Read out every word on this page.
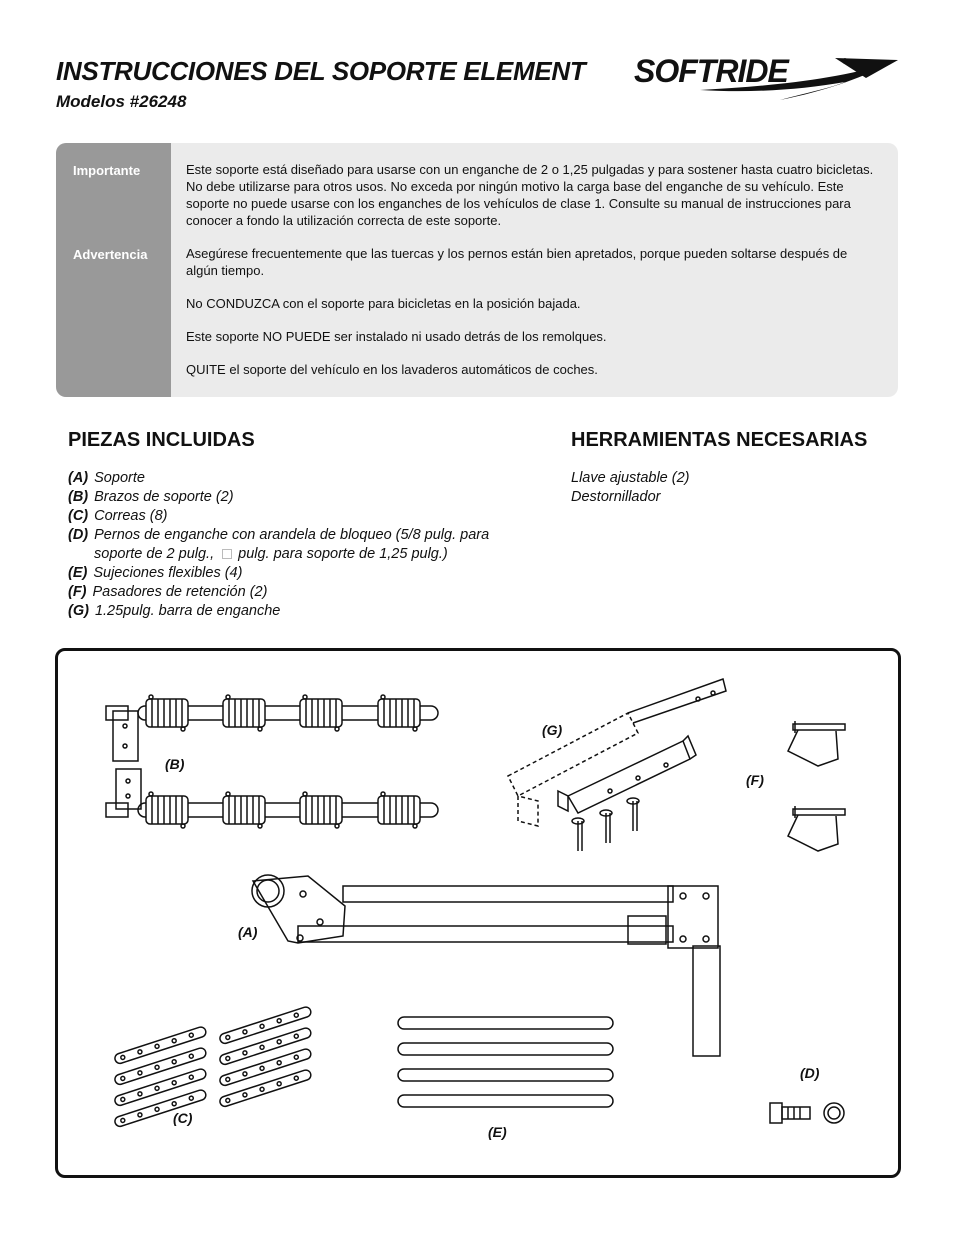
INSTRUCCIONES DEL SOPORTE ELEMENT
Modelos #26248
SOFTRIDE	®
Importante
Advertencia

Este soporte está diseñado para usarse con un enganche de 2 o 1,25 pulgadas y para sostener hasta cuatro bicicletas. No debe utilizarse para otros usos. No exceda por ningún motivo la carga base del enganche de su vehículo. Este soporte no puede usarse con los enganches de los vehículos de clase 1. Consulte su manual de instrucciones para conocer a fondo la utilización correcta de este soporte.

Asegúrese frecuentemente que las tuercas y los pernos están bien apretados, porque pueden soltarse después de algún tiempo.

No CONDUZCA con el soporte para bicicletas en la posición bajada.

Este soporte NO PUEDE ser instalado ni usado detrás de los remolques.

QUITE el soporte del vehículo en los lavaderos automáticos de coches.

PIEZAS INCLUIDAS	HERRAMIENTAS NECESARIAS
(A) Soporte
(B) Brazos de soporte (2)
(C) Correas (8)
(D) Pernos de enganche con arandela de bloqueo (5/8 pulg. para
soporte de 2 pulg., pulg. para soporte de 1,25 pulg.)
(E) Sujeciones flexibles (4)
(F) Pasadores de retención (2)
(G) 1.25pulg. barra de enganche
Llave ajustable (2)
Destornillador
(B)
(G)
(F)
(A)
(C)
(E)
(D)
